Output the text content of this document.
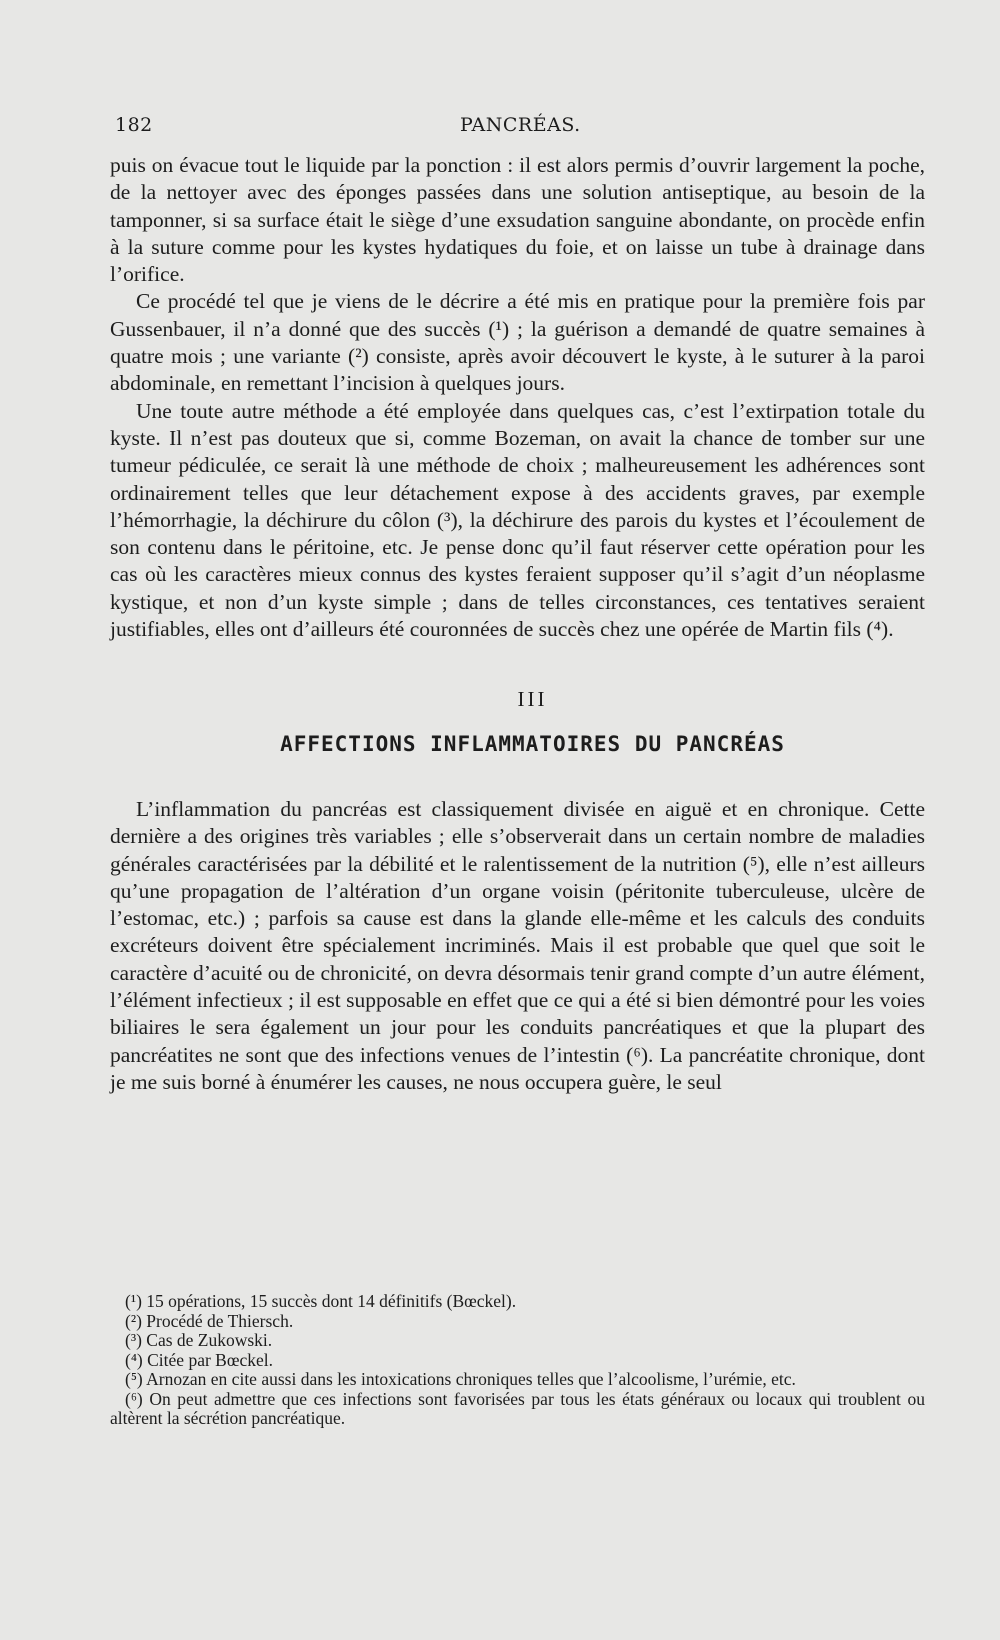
182	PANCRÉAS.

puis on évacue tout le liquide par la ponction : il est alors permis d’ouvrir largement la poche, de la nettoyer avec des éponges passées dans une solution antiseptique, au besoin de la tamponner, si sa surface était le siège d’une exsudation sanguine abondante, on procède enfin à la suture comme pour les kystes hydatiques du foie, et on laisse un tube à drainage dans l’orifice.

Ce procédé tel que je viens de le décrire a été mis en pratique pour la première fois par Gussenbauer, il n’a donné que des succès (¹) ; la guérison a demandé de quatre semaines à quatre mois ; une variante (²) consiste, après avoir découvert le kyste, à le suturer à la paroi abdominale, en remettant l’incision à quelques jours.

Une toute autre méthode a été employée dans quelques cas, c’est l’extirpation totale du kyste. Il n’est pas douteux que si, comme Bozeman, on avait la chance de tomber sur une tumeur pédiculée, ce serait là une méthode de choix ; malheureusement les adhérences sont ordinairement telles que leur détachement expose à des accidents graves, par exemple l’hémorrhagie, la déchirure du côlon (³), la déchirure des parois du kystes et l’écoulement de son contenu dans le péritoine, etc. Je pense donc qu’il faut réserver cette opération pour les cas où les caractères mieux connus des kystes feraient supposer qu’il s’agit d’un néoplasme kystique, et non d’un kyste simple ; dans de telles circonstances, ces tentatives seraient justifiables, elles ont d’ailleurs été couronnées de succès chez une opérée de Martin fils (⁴).

III
AFFECTIONS INFLAMMATOIRES DU PANCRÉAS

L’inflammation du pancréas est classiquement divisée en aiguë et en chronique. Cette dernière a des origines très variables ; elle s’observerait dans un certain nombre de maladies générales caractérisées par la débilité et le ralentissement de la nutrition (⁵), elle n’est ailleurs qu’une propagation de l’altération d’un organe voisin (péritonite tuberculeuse, ulcère de l’estomac, etc.) ; parfois sa cause est dans la glande elle-même et les calculs des conduits excréteurs doivent être spécialement incriminés. Mais il est probable que quel que soit le caractère d’acuité ou de chronicité, on devra désormais tenir grand compte d’un autre élément, l’élément infectieux ; il est supposable en effet que ce qui a été si bien démontré pour les voies biliaires le sera également un jour pour les conduits pancréatiques et que la plupart des pancréatites ne sont que des infections venues de l’intestin (⁶). La pancréatite chronique, dont je me suis borné à énumérer les causes, ne nous occupera guère, le seul

(¹) 15 opérations, 15 succès dont 14 définitifs (Bœckel).

(²) Procédé de Thiersch.

(³) Cas de Zukowski.

(⁴) Citée par Bœckel.

(⁵) Arnozan en cite aussi dans les intoxications chroniques telles que l’alcoolisme, l’urémie, etc.

(⁶) On peut admettre que ces infections sont favorisées par tous les états généraux ou locaux qui troublent ou altèrent la sécrétion pancréatique.
